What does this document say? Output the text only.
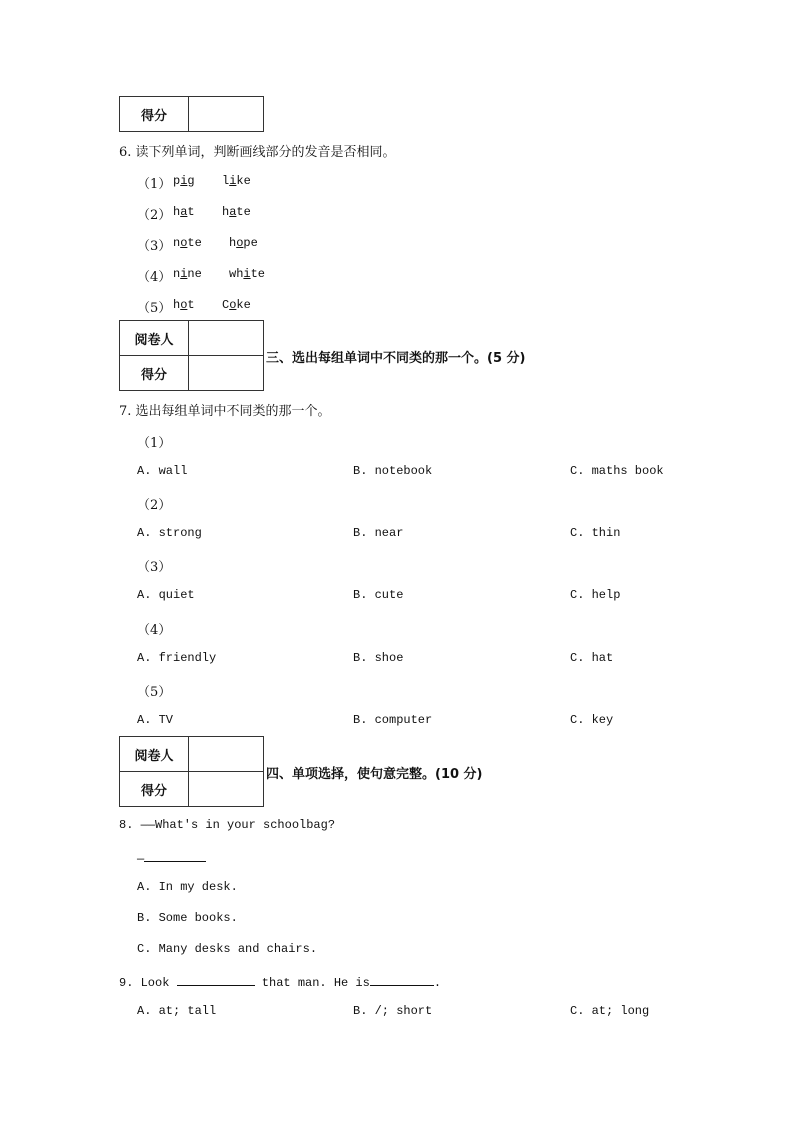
得分	
6. 读下列单词，判断画线部分的发音是否相同。
（1） pig like
（2） hat hate
（3） note hope
（4） nine white
（5） hot Coke
阅卷人	
得分	
三、选出每组单词中不同类的那一个。(5 分)
7. 选出每组单词中不同类的那一个。
（1）
A. wall	B. notebook	C. maths book
（2）
A. strong	B. near	C. thin
（3）
A. quiet	B. cute	C. help
（4）
A. friendly	B. shoe	C. hat
（5）
A. TV	B. computer	C. key
阅卷人	
得分	
四、单项选择，使句意完整。(10 分)
8. ——What's in your schoolbag?
—
A. In my desk.
B. Some books.
C. Many desks and chairs.
9. Look	that man. He is	.
A. at; tall	B. /; short	C. at; long
